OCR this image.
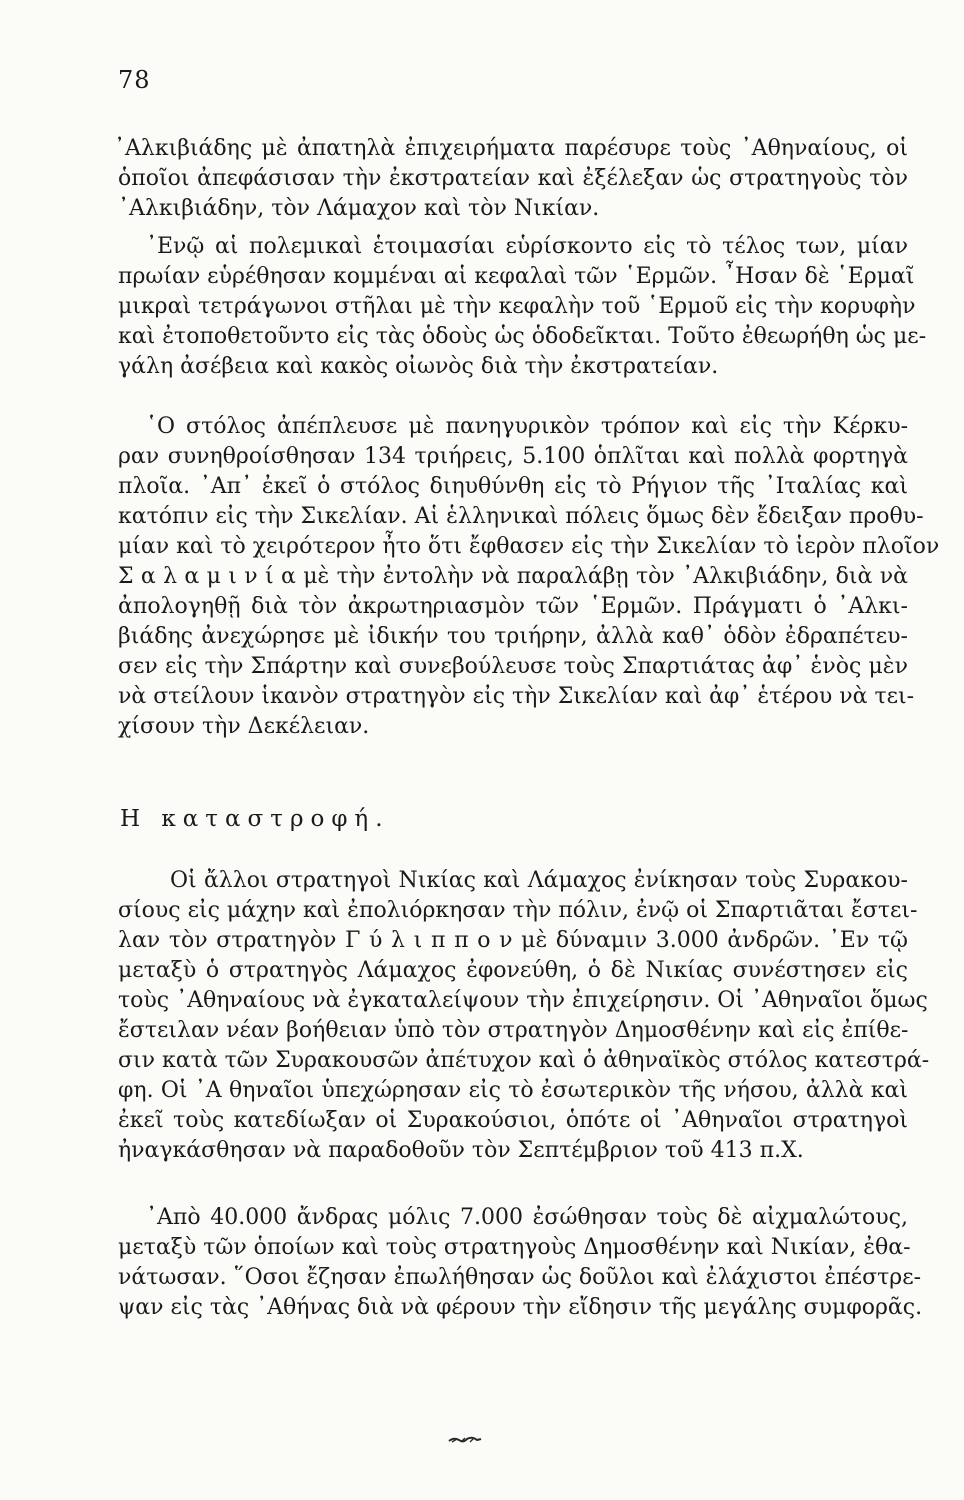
78
᾿Αλκιβιάδης μὲ ἀπατηλὰ ἐπιχειρήματα παρέσυρε τοὺς ᾿Αθηναίους, οἱ
ὁποῖοι ἀπεφάσισαν τὴν ἐκστρατείαν καὶ ἐξέλεξαν ὡς στρατηγοὺς τὸν
᾿Αλκιβιάδην, τὸν Λάμαχον καὶ τὸν Νικίαν.
᾿Ενῷ αἱ πολεμικαὶ ἑτοιμασίαι εὑρίσκοντο εἰς τὸ τέλος των, μίαν
πρωίαν εὑρέθησαν κομμέναι αἱ κεφαλαὶ τῶν ῾Ερμῶν. ῏Ησαν δὲ ῾Ερμαῖ
μικραὶ τετράγωνοι στῆλαι μὲ τὴν κεφαλὴν τοῦ ῾Ερμοῦ εἰς τὴν κορυφὴν
καὶ ἐτοποθετοῦντο εἰς τὰς ὁδοὺς ὡς ὁδοδεῖκται. Τοῦτο ἐθεωρήθη ὡς με-
γάλη ἀσέβεια καὶ κακὸς οἰωνὸς διὰ τὴν ἐκστρατείαν.
῾Ο στόλος ἀπέπλευσε μὲ πανηγυρικὸν τρόπον καὶ εἰς τὴν Κέρκυ-
ραν συνηθροίσθησαν 134 τριήρεις, 5.100 ὁπλῖται καὶ πολλὰ φορτηγὰ
πλοῖα. ᾿Απ᾿ ἐκεῖ ὁ στόλος διηυθύνθη εἰς τὸ Ρήγιον τῆς ᾿Ιταλίας καὶ
κατόπιν εἰς τὴν Σικελίαν. Αἱ ἑλληνικαὶ πόλεις ὅμως δὲν ἔδειξαν προθυ-
μίαν καὶ τὸ χειρότερον ἦτο ὅτι ἔφθασεν εἰς τὴν Σικελίαν τὸ ἱερὸν πλοῖον
Σ α λ α μ ι ν ί α μὲ τὴν ἐντολὴν νὰ παραλάβῃ τὸν ᾿Αλκιβιάδην, διὰ νὰ
ἀπολογηθῇ διὰ τὸν ἀκρωτηριασμὸν τῶν ῾Ερμῶν. Πράγματι ὁ ᾿Αλκι-
βιάδης ἀνεχώρησε μὲ ἰδικήν του τριήρην, ἀλλὰ καθ᾿ ὁδὸν ἐδραπέτευ-
σεν εἰς τὴν Σπάρτην καὶ συνεβούλευσε τοὺς Σπαρτιάτας ἀφ᾿ ἑνὸς μὲν
νὰ στείλουν ἱκανὸν στρατηγὸν εἰς τὴν Σικελίαν καὶ ἀφ᾿ ἑτέρου νὰ τει-
χίσουν τὴν Δεκέλειαν.
Η καταστροφή.
Οἱ ἄλλοι στρατηγοὶ Νικίας καὶ Λάμαχος ἐνίκησαν τοὺς Συρακου-
σίους εἰς μάχην καὶ ἐπολιόρκησαν τὴν πόλιν, ἐνῷ οἱ Σπαρτιᾶται ἔστει-
λαν τὸν στρατηγὸν Γ ύ λ ι π π ο ν μὲ δύναμιν 3.000 ἀνδρῶν. ᾿Εν τῷ
μεταξὺ ὁ στρατηγὸς Λάμαχος ἐφονεύθη, ὁ δὲ Νικίας συνέστησεν εἰς
τοὺς ᾿Αθηναίους νὰ ἐγκαταλείψουν τὴν ἐπιχείρησιν. Οἱ ᾿Αθηναῖοι ὅμως
ἔστειλαν νέαν βοήθειαν ὑπὸ τὸν στρατηγὸν Δημοσθένην καὶ εἰς ἐπίθε-
σιν κατὰ τῶν Συρακουσῶν ἀπέτυχον καὶ ὁ ἀθηναϊκὸς στόλος κατεστρά-
φη. Οἱ ᾿Α θηναῖοι ὑπεχώρησαν εἰς τὸ ἐσωτερικὸν τῆς νήσου, ἀλλὰ καὶ
ἐκεῖ τοὺς κατεδίωξαν οἱ Συρακούσιοι, ὁπότε οἱ ᾿Αθηναῖοι στρατηγοὶ
ἠναγκάσθησαν νὰ παραδοθοῦν τὸν Σεπτέμβριον τοῦ 413 π.Χ.
᾿Απὸ 40.000 ἄνδρας μόλις 7.000 ἐσώθησαν τοὺς δὲ αἰχμαλώτους,
μεταξὺ τῶν ὁποίων καὶ τοὺς στρατηγοὺς Δημοσθένην καὶ Νικίαν, ἐθα-
νάτωσαν. ῞Οσοι ἔζησαν ἐπωλήθησαν ὡς δοῦλοι καὶ ἐλάχιστοι ἐπέστρε-
ψαν εἰς τὰς ᾿Αθήνας διὰ νὰ φέρουν τὴν εἴδησιν τῆς μεγάλης συμφορᾶς.
